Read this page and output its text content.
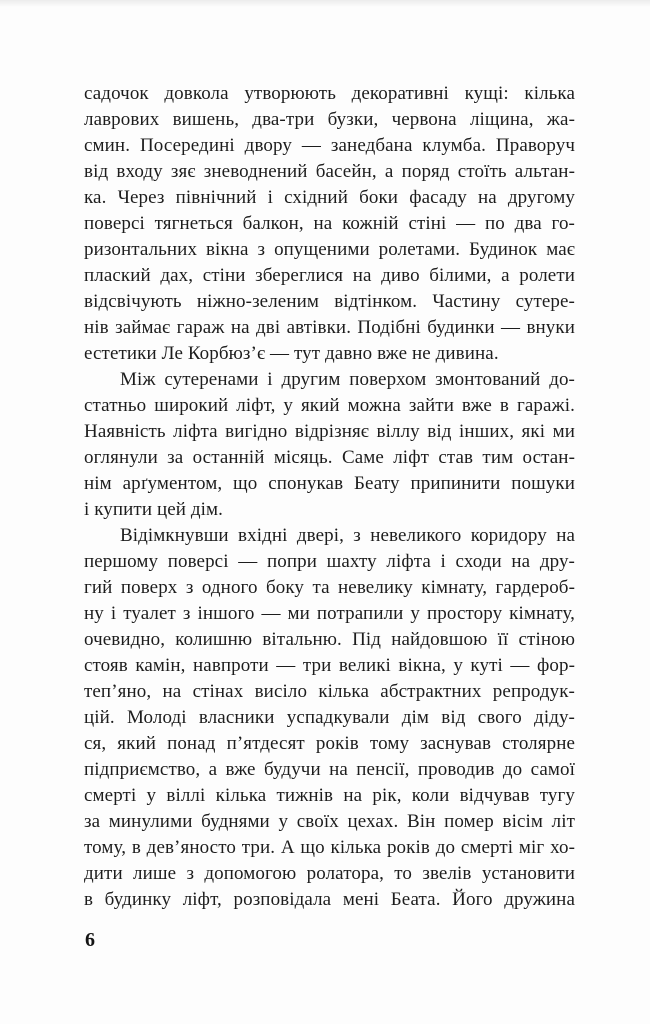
садочок довкола утворюють декоративні кущі: кілька
лаврових вишень, два-три бузки, червона ліщина, жа-
смин. Посередині двору — занедбана клумба. Праворуч
від входу зяє зневоднений басейн, а поряд стоїть альтан-
ка. Через північний і східний боки фасаду на другому
поверсі тягнеться балкон, на кожній стіні — по два го-
ризонтальних вікна з опущеними ролетами. Будинок має
плаский дах, стіни збереглися на диво білими, а ролети
відсвічують ніжно-зеленим відтінком. Частину сутере-
нів займає гараж на дві автівки. Подібні будинки — внуки
естетики Ле Корбюз’є — тут давно вже не дивина.
Між сутеренами і другим поверхом змонтований до-
статньо широкий ліфт, у який можна зайти вже в гаражі.
Наявність ліфта вигідно відрізняє віллу від інших, які ми
оглянули за останній місяць. Саме ліфт став тим остан-
нім арґументом, що спонукав Беату припинити пошуки
і купити цей дім.
Відімкнувши вхідні двері, з невеликого коридору на
першому поверсі — попри шахту ліфта і сходи на дру-
гий поверх з одного боку та невелику кімнату, гардероб-
ну і туалет з іншого — ми потрапили у простору кімнату,
очевидно, колишню вітальню. Під найдовшою її стіною
стояв камін, навпроти — три великі вікна, у куті — фор-
теп’яно, на стінах висіло кілька абстрактних репродук-
цій. Молоді власники успадкували дім від свого діду-
ся, який понад п’ятдесят років тому заснував столярне
підприємство, а вже будучи на пенсії, проводив до самої
смерті у віллі кілька тижнів на рік, коли відчував тугу
за минулими буднями у своїх цехах. Він помер вісім літ
тому, в дев’яносто три. А що кілька років до смерті міг хо-
дити лише з допомогою ролатора, то звелів установити
в будинку ліфт, розповідала мені Беата. Його дружина
6
